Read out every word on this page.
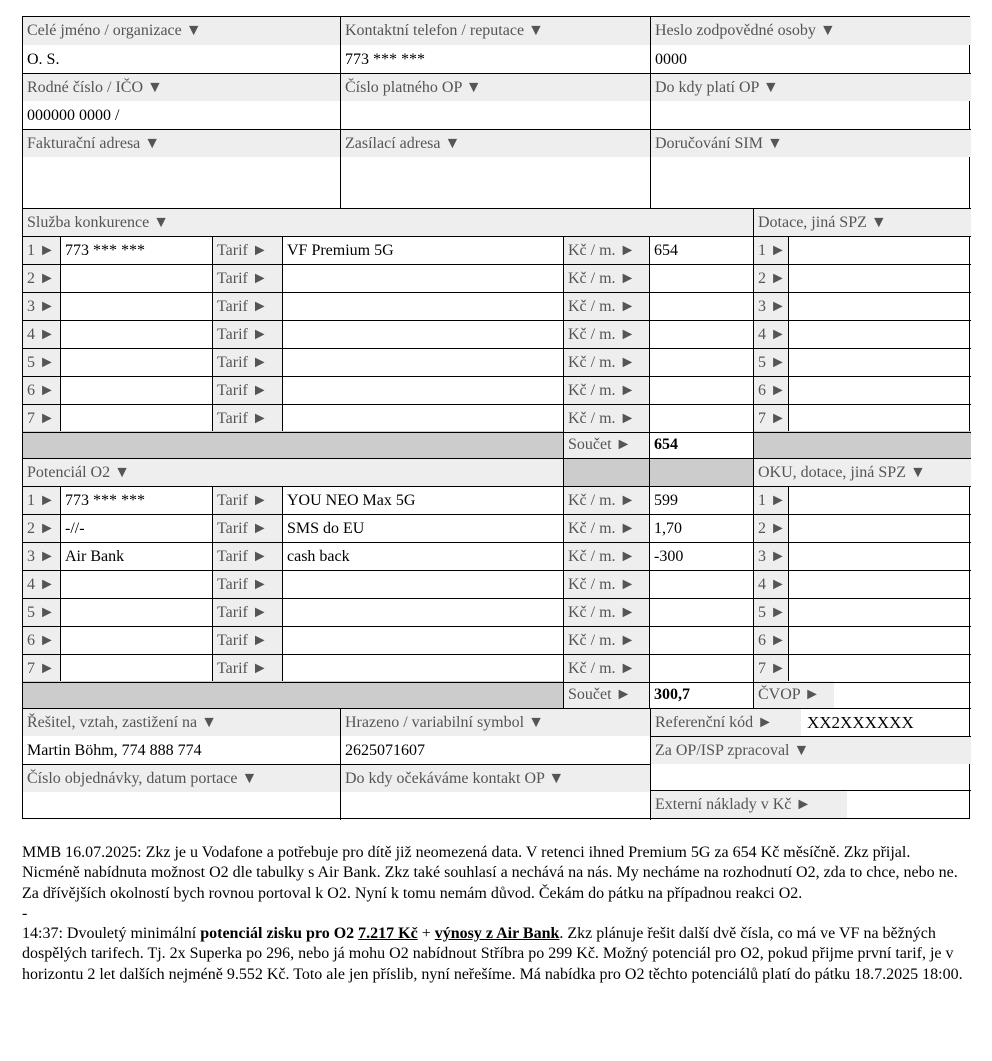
Celé jméno / organizace ▼	Kontaktní telefon / reputace ▼	Heslo zodpovědné osoby ▼
O. S.	773 *** ***	0000
Rodné číslo / IČO ▼	Číslo platného OP ▼	Do kdy platí OP ▼
000000 0000 /
Fakturační adresa ▼	Zasílací adresa ▼	Doručování SIM ▼
Služba konkurence ▼	Dotace, jiná SPZ ▼
1 ► 773 *** ***	Tarif ►	VF Premium 5G	Kč / m. ►	654	1 ►
2 ►	Tarif ►	Kč / m. ►	2 ►
3 ►	Tarif ►	Kč / m. ►	3 ►
4 ►	Tarif ►	Kč / m. ►	4 ►
5 ►	Tarif ►	Kč / m. ►	5 ►
6 ►	Tarif ►	Kč / m. ►	6 ►
7 ►	Tarif ►	Kč / m. ►	7 ►
Součet ►	654
Potenciál O2 ▼	OKU, dotace, jiná SPZ ▼
1 ► 773 *** ***	Tarif ►	YOU NEO Max 5G	Kč / m. ►	599	1 ►
2 ► -//-	Tarif ►	SMS do EU	Kč / m. ►	1,70	2 ►
3 ► Air Bank	Tarif ►	cash back	Kč / m. ►	-300	3 ►
4 ►	Tarif ►	Kč / m. ►	4 ►
5 ►	Tarif ►	Kč / m. ►	5 ►
6 ►	Tarif ►	Kč / m. ►	6 ►
7 ►	Tarif ►	Kč / m. ►	7 ►
Součet ►	300,7	ČVOP ►
Řešitel, vztah, zastižení na ▼	Hrazeno / variabilní symbol ▼	Referenční kód ►	XX2XXXXXX
Martin Böhm, 774 888 774	2625071607	Za OP/ISP zpracoval ▼
Číslo objednávky, datum portace ▼	Do kdy očekáváme kontakt OP ▼
Externí náklady v Kč ►

MMB 16.07.2025: Zkz je u Vodafone a potřebuje pro dítě již neomezená data. V retenci ihned Premium 5G za 654 Kč měsíčně. Zkz přijal. Nicméně nabídnuta možnost O2 dle tabulky s Air Bank. Zkz také souhlasí a nechává na nás. My necháme na rozhodnutí O2, zda to chce, nebo ne. Za dřívějších okolností bych rovnou portoval k O2. Nyní k tomu nemám důvod. Čekám do pátku na případnou reakci O2.

-

14:37: Dvouletý minimální potenciál zisku pro O2 7.217 Kč + výnosy z Air Bank. Zkz plánuje řešit další dvě čísla, co má ve VF na běžných dospělých tarifech. Tj. 2x Superka po 296, nebo já mohu O2 nabídnout Stříbra po 299 Kč. Možný potenciál pro O2, pokud přijme první tarif, je v horizontu 2 let dalších nejméně 9.552 Kč. Toto ale jen příslib, nyní neřešíme. Má nabídka pro O2 těchto potenciálů platí do pátku 18.7.2025 18:00.
